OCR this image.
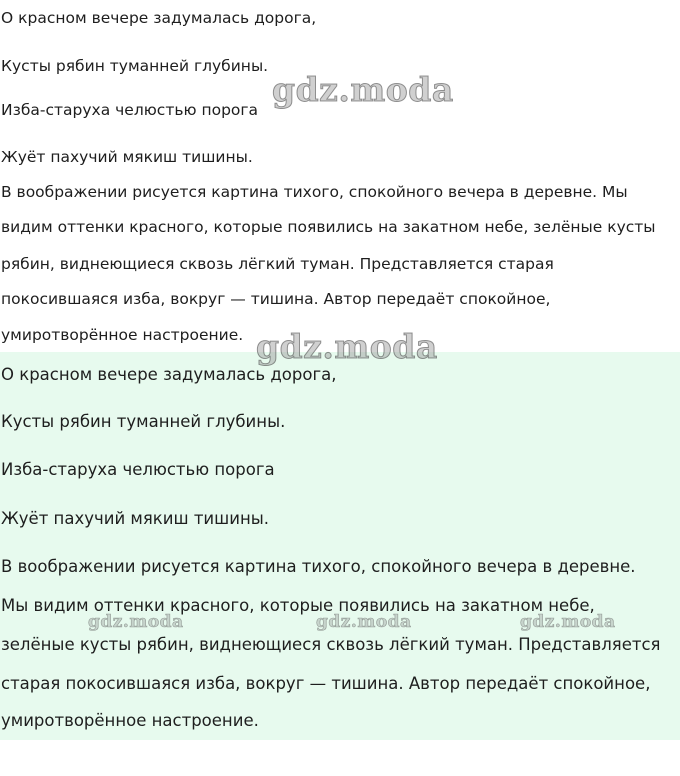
О красном вечере задумалась дорога,

Кусты рябин туманней глубины.

Изба-старуха челюстью порога

Жуёт пахучий мякиш тишины.

В воображении рисуется картина тихого, спокойного вечера в деревне. Мы

видим оттенки красного, которые появились на закатном небе, зелёные кусты

рябин, виднеющиеся сквозь лёгкий туман. Представляется старая

покосившаяся изба, вокруг — тишина. Автор передаёт спокойное,

умиротворённое настроение.

О красном вечере задумалась дорога,

Кусты рябин туманней глубины.

Изба-старуха челюстью порога

Жуёт пахучий мякиш тишины.

В воображении рисуется картина тихого, спокойного вечера в деревне.

Мы видим оттенки красного, которые появились на закатном небе,

зелёные кусты рябин, виднеющиеся сквозь лёгкий туман. Представляется

старая покосившаяся изба, вокруг — тишина. Автор передаёт спокойное,

умиротворённое настроение.

gdz.moda
gdz.moda
gdz.moda	gdz.moda	gdz.moda
